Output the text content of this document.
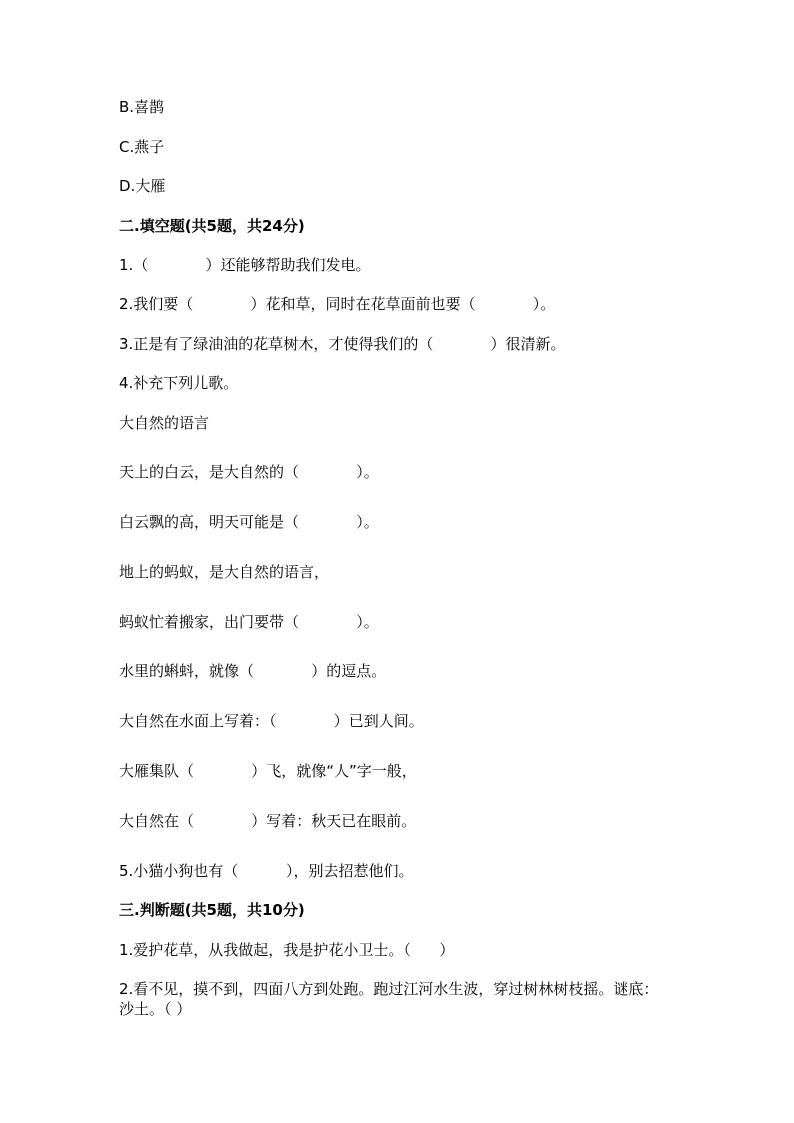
B.喜鹊
C.燕子
D.大雁
二.填空题(共5题，共24分)
1.（            ）还能够帮助我们发电。
2.我们要（            ）花和草，同时在花草面前也要（            ）。
3.正是有了绿油油的花草树木，才使得我们的（            ）很清新。
4.补充下列儿歌。
大自然的语言
天上的白云，是大自然的（            ）。
白云飘的高，明天可能是（            ）。
地上的蚂蚁，是大自然的语言，
蚂蚁忙着搬家，出门要带（            ）。
水里的蝌蚪，就像（            ）的逗点。
大自然在水面上写着：（            ）已到人间。
大雁集队（            ）飞，就像“人”字一般，
大自然在（            ）写着：秋天已在眼前。
5.小猫小狗也有（          ），别去招惹他们。
三.判断题(共5题，共10分)
1.爱护花草，从我做起，我是护花小卫士。（      ）
2.看不见，摸不到，四面八方到处跑。跑过江河水生波，穿过树林树枝摇。谜底：沙土。（ ）
